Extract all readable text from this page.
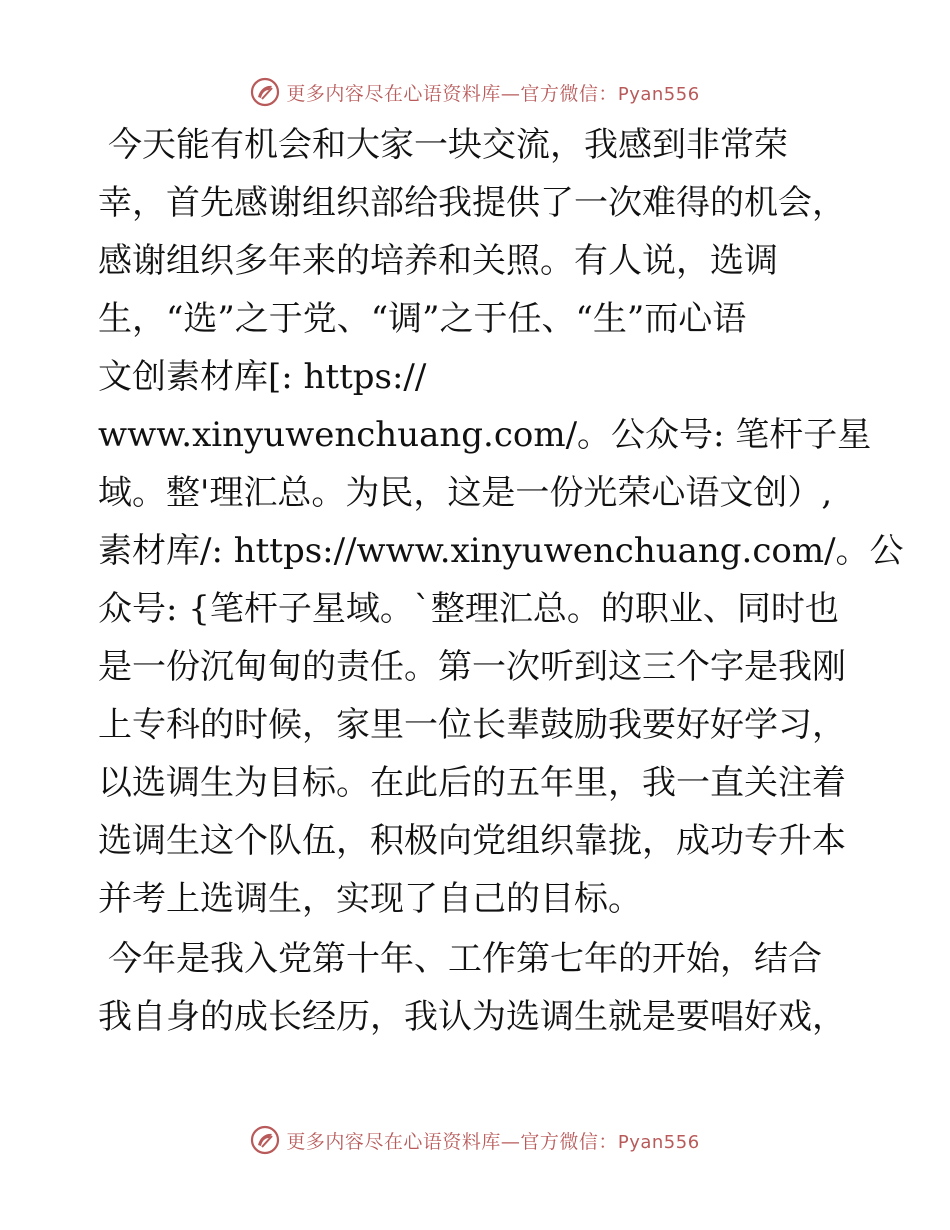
更多内容尽在心语资料库—官方微信：Pyan556
今天能有机会和大家一块交流，我感到非常荣
幸，首先感谢组织部给我提供了一次难得的机会，
感谢组织多年来的培养和关照。有人说，选调
生，“选”之于党、“调”之于任、“生”而心语
文创素材库[: https://
www.xinyuwenchuang.com/。公众号: 笔杆子星
域。整'理汇总。为民，这是一份光荣心语文创）,
素材库/: https://www.xinyuwenchuang.com/。公
众号: {笔杆子星域。`整理汇总。的职业、同时也
是一份沉甸甸的责任。第一次听到这三个字是我刚
上专科的时候，家里一位长辈鼓励我要好好学习，
以选调生为目标。在此后的五年里，我一直关注着
选调生这个队伍，积极向党组织靠拢，成功专升本
并考上选调生，实现了自己的目标。
今年是我入党第十年、工作第七年的开始，结合
我自身的成长经历，我认为选调生就是要唱好戏，
更多内容尽在心语资料库—官方微信：Pyan556
